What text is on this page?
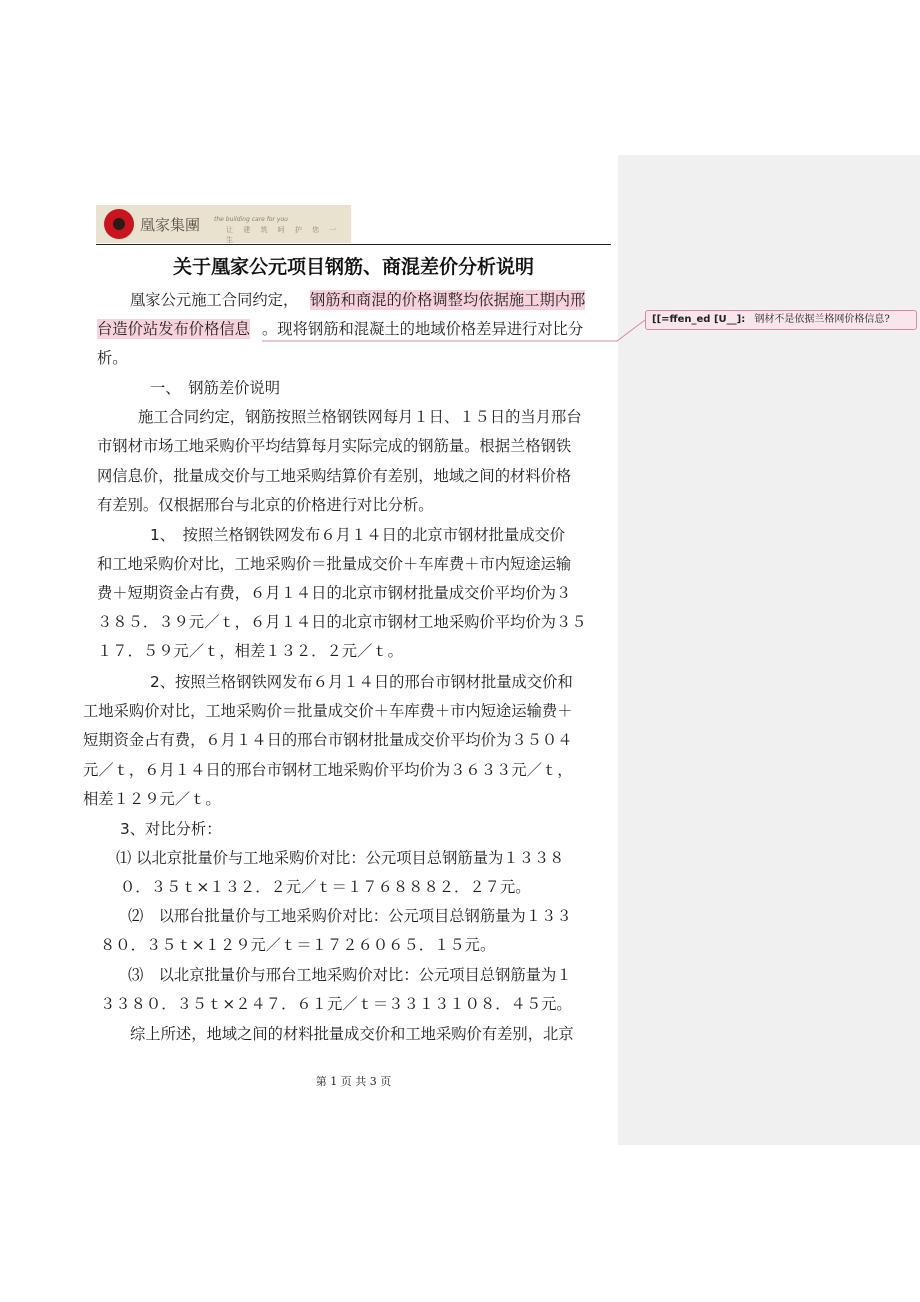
凰家集團 the building care for you
让 建 筑 呵 护 您 一 生
关于凰家公元项目钢筋、商混差价分析说明
凰家公元施工合同约定， 钢筋和商混的价格调整均依据施工期内邢
台造价站发布价格信息 。现将钢筋和混凝土的地域价格差异进行对比分
析。
一、　钢筋差价说明
施工合同约定，钢筋按照兰格钢铁网每月１日、１５日的当月邢台
市钢材市场工地采购价平均结算每月实际完成的钢筋量。根据兰格钢铁
网信息价，批量成交价与工地采购结算价有差别，地域之间的材料价格
有差别。仅根据邢台与北京的价格进行对比分析。
1、　按照兰格钢铁网发布６月１４日的北京市钢材批量成交价
和工地采购价对比，工地采购价＝批量成交价＋车库费＋市内短途运输
费＋短期资金占有费，６月１４日的北京市钢材批量成交价平均价为３
３８５．３９元／ｔ，６月１４日的北京市钢材工地采购价平均价为３５
１７．５９元／ｔ，相差１３２．２元／ｔ。
2、按照兰格钢铁网发布６月１４日的邢台市钢材批量成交价和
工地采购价对比，工地采购价＝批量成交价＋车库费＋市内短途运输费＋
短期资金占有费，６月１４日的邢台市钢材批量成交价平均价为３５０４
元／ｔ，６月１４日的邢台市钢材工地采购价平均价为３６３３元／ｔ，
相差１２９元／ｔ。
3、对比分析：
⑴ 以北京批量价与工地采购价对比：公元项目总钢筋量为１３３８
０．３５ｔ×１３２．２元／ｔ＝１７６８８８２．２７元。
⑵　以邢台批量价与工地采购价对比：公元项目总钢筋量为１３３
８０．３５ｔ×１２９元／ｔ＝１７２６０６５．１５元。
⑶　以北京批量价与邢台工地采购价对比：公元项目总钢筋量为１
３３８０．３５ｔ×２４７．６１元／ｔ＝３３１３１０８．４５元。
综上所述，地域之间的材料批量成交价和工地采购价有差别，北京
[[=ffen_ed [U__]: 钢材不是依据兰格网价格信息?
第 1 页 共 3 页
